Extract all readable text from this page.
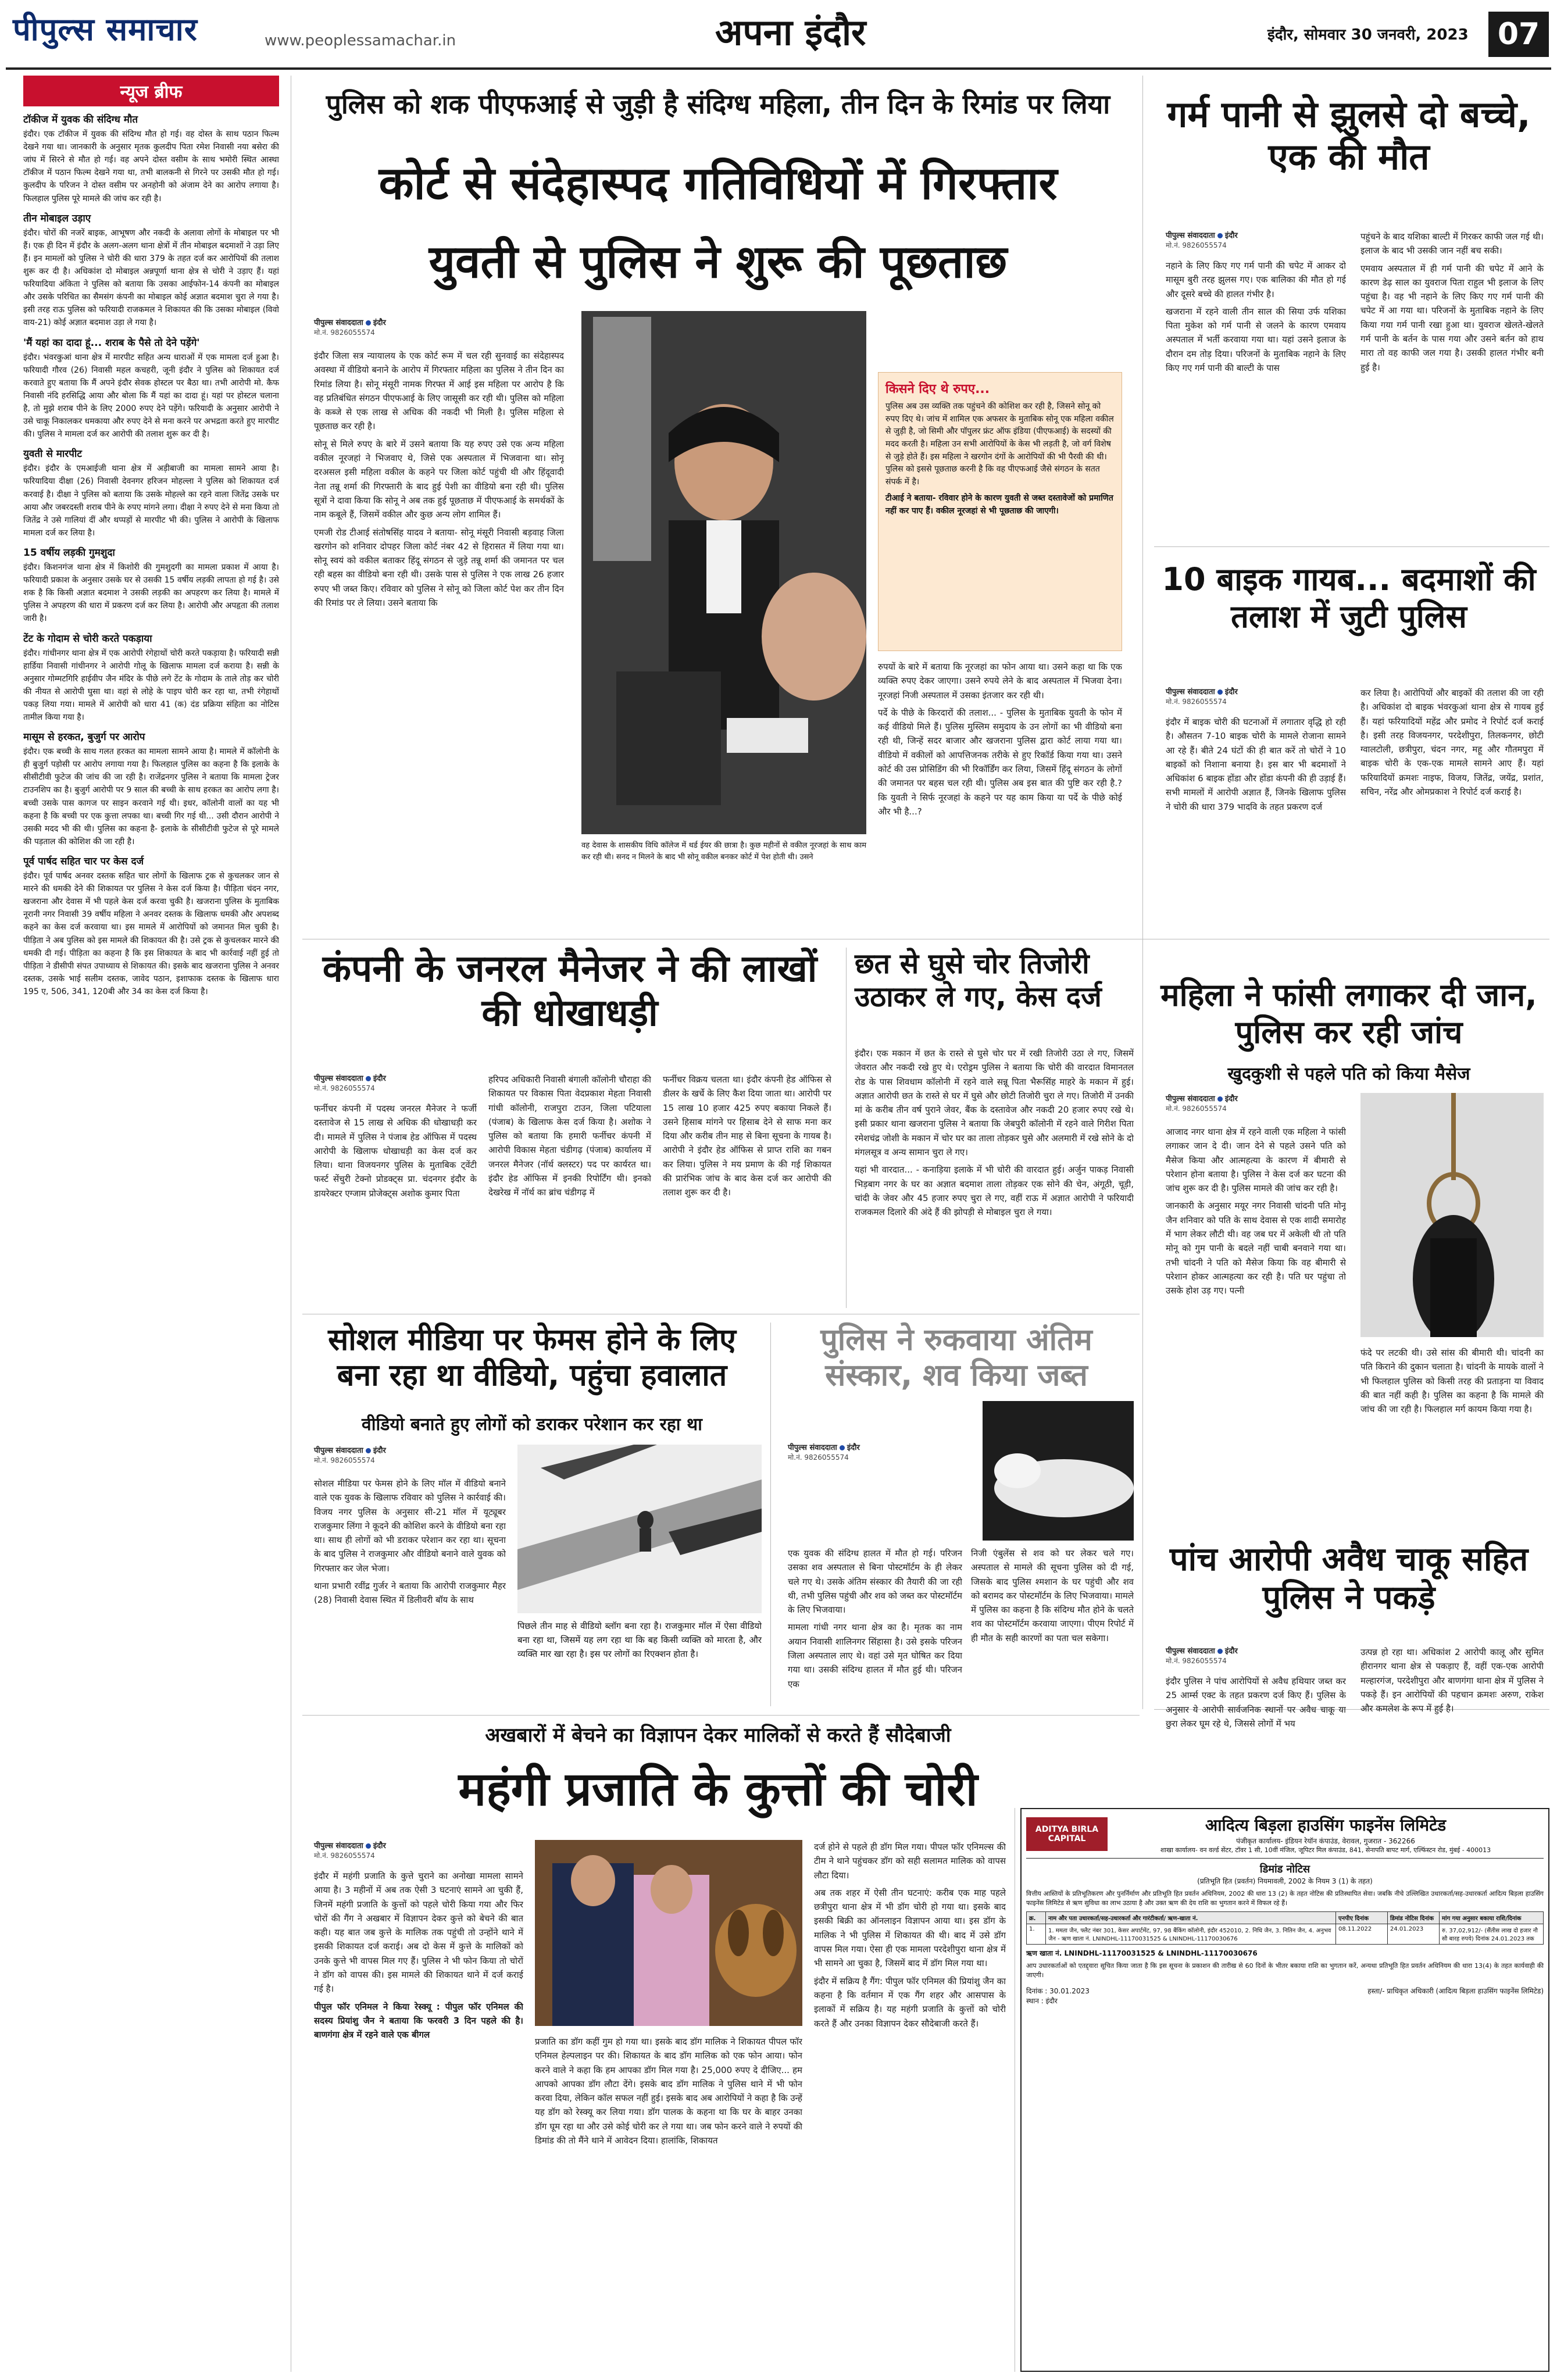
पीपुल्स समाचार	www.peoplessamachar.in	अपना इंदौर	इंदौर, सोमवार 30 जनवरी, 2023 07
न्यूज ब्रीफ
टॉकीज में युवक की संदिग्ध मौत
इंदौर। एक टॉकीज में युवक की संदिग्ध मौत हो गई। वह दोस्त के साथ पठान फिल्म देखने गया था। जानकारी के अनुसार मृतक कुलदीप पिता रमेश निवासी नया बसेरा की जांघ में सिरने से मौत हो गई। वह अपने दोस्त वसीम के साथ भमोरी स्थित आस्था टॉकीज में पठान फिल्म देखने गया था, तभी बालकनी से गिरने पर उसकी मौत हो गई। कुलदीप के परिजन ने दोस्त वसीम पर अनहोनी को अंजाम देने का आरोप लगाया है। फिलहाल पुलिस पूरे मामले की जांच कर रही है।
तीन मोबाइल उड़ाए
इंदौर। चोरों की नजरें बाइक, आभूषण और नकदी के अलावा लोगों के मोबाइल पर भी हैं। एक ही दिन में इंदौर के अलग-अलग थाना क्षेत्रों में तीन मोबाइल बदमाशों ने उड़ा लिए हैं। इन मामलों को पुलिस ने चोरी की धारा 379 के तहत दर्ज कर आरोपियों की तलाश शुरू कर दी है। अधिकांश दो मोबाइल अन्नपूर्णा थाना क्षेत्र से चोरी ने उड़ाए हैं। यहां फरियादिया अंकिता ने पुलिस को बताया कि उसका आईफोन-14 कंपनी का मोबाइल और उसके परिचित का सैमसंग कंपनी का मोबाइल कोई अज्ञात बदमाश चुरा ले गया है। इसी तरह राऊ पुलिस को फरियादी राजकमल ने शिकायत की कि उसका मोबाइल (विवो वाय-21) कोई अज्ञात बदमाश उड़ा ले गया है।
'मैं यहां का दादा हूं... शराब के पैसे तो देने पड़ेंगे'
इंदौर। भंवरकुआं थाना क्षेत्र में मारपीट सहित अन्य धाराओं में एक मामला दर्ज हुआ है। फरियादी गौरव (26) निवासी महल कचहरी, जूनी इंदौर ने पुलिस को शिकायत दर्ज करवाते हुए बताया कि मैं अपने इंदौर सेवक होस्टल पर बैठा था। तभी आरोपी मो. कैफ निवासी नंदि हरसिद्धि आया और बोला कि मैं यहां का दादा हूं। यहां पर होस्टल चलाना है, तो मुझे शराब पीने के लिए 2000 रुपए देने पड़ेंगे। फरियादी के अनुसार आरोपी ने उसे चाकू निकालकर धमकाया और रुपए देने से मना करने पर अभद्रता करते हुए मारपीट की। पुलिस ने मामला दर्ज कर आरोपी की तलाश शुरू कर दी है।
युवती से मारपीट
इंदौर। इंदौर के एमआईजी थाना क्षेत्र में अड़ीबाजी का मामला सामने आया है। फरियादिया दीक्षा (26) निवासी देवनगर हरिजन मोहल्ला ने पुलिस को शिकायत दर्ज करवाई है। दीक्षा ने पुलिस को बताया कि उसके मोहल्ले का रहने वाला जितेंद्र उसके घर आया और जबरदस्ती शराब पीने के रुपए मांगने लगा। दीक्षा ने रुपए देने से मना किया तो जितेंद्र ने उसे गालियां दीं और थप्पड़ों से मारपीट भी की। पुलिस ने आरोपी के खिलाफ मामला दर्ज कर लिया है।
15 वर्षीय लड़की गुमशुदा
इंदौर। किशनगंज थाना क्षेत्र में किशोरी की गुमशुदगी का मामला प्रकाश में आया है। फरियादी प्रकाश के अनुसार उसके घर से उसकी 15 वर्षीय लड़की लापता हो गई है। उसे शक है कि किसी अज्ञात बदमाश ने उसकी लड़की का अपहरण कर लिया है। मामले में पुलिस ने अपहरण की धारा में प्रकरण दर्ज कर लिया है। आरोपी और अपहृता की तलाश जारी है।
टेंट के गोदाम से चोरी करते पकड़ाया
इंदौर। गांधीनगर थाना क्षेत्र में एक आरोपी रंगेहाथों चोरी करते पकड़ाया है। फरियादी सन्नी हार्डिया निवासी गांधीनगर ने आरोपी गोलू के खिलाफ मामला दर्ज कराया है। सन्नी के अनुसार गोम्मटगिरि हाईवीप जैन मंदिर के पीछे लगे टेंट के गोदाम के ताले तोड़ कर चोरी की नीयत से आरोपी घुसा था। वहां से लोहे के पाइप चोरी कर रहा था, तभी रंगेहाथों पकड़ लिया गया। मामले में आरोपी को धारा 41 (क) दंड प्रक्रिया संहिता का नोटिस तामील किया गया है।
मासूम से हरकत, बुजुर्ग पर आरोप
इंदौर। एक बच्ची के साथ गलत हरकत का मामला सामने आया है। मामले में कॉलोनी के ही बुजुर्ग पड़ोसी पर आरोप लगाया गया है। फिलहाल पुलिस का कहना है कि इलाके के सीसीटीवी फुटेज की जांच की जा रही है। राजेंद्रनगर पुलिस ने बताया कि मामला ट्रेजर टाउनशिप का है। बुजुर्ग आरोपी पर 9 साल की बच्ची के साथ हरकत का आरोप लगा है। बच्ची उसके पास कागज पर साइन करवाने गई थी। इधर, कॉलोनी वालों का यह भी कहना है कि बच्ची पर एक कुत्ता लपका था। बच्ची गिर गई थी... उसी दौरान आरोपी ने उसकी मदद भी की थी। पुलिस का कहना है- इलाके के सीसीटीवी फुटेज से पूरे मामले की पड़ताल की कोशिश की जा रही है।
पूर्व पार्षद सहित चार पर केस दर्ज
इंदौर। पूर्व पार्षद अनवर दस्तक सहित चार लोगों के खिलाफ ट्रक से कुचलकर जान से मारने की धमकी देने की शिकायत पर पुलिस ने केस दर्ज किया है। पीड़िता चंदन नगर, खजराना और देवास में भी पहले केस दर्ज करवा चुकी है। खजराना पुलिस के मुताबिक नूरानी नगर निवासी 39 वर्षीय महिला ने अनवर दस्तक के खिलाफ धमकी और अपशब्द कहने का केस दर्ज करवाया था। इस मामले में आरोपियों को जमानत मिल चुकी है। पीड़िता ने अब पुलिस को इस मामले की शिकायत की है। उसे ट्रक से कुचलकर मारने की धमकी दी गई। पीड़िता का कहना है कि इस शिकायत के बाद भी कार्रवाई नहीं हुई तो पीड़िता ने डीसीपी संपत उपाध्याय से शिकायत की। इसके बाद खजराना पुलिस ने अनवर दस्तक, उसके भाई सलीम दस्तक, जावेद पठान, इशाफाक दस्तक के खिलाफ धारा 195 ए, 506, 341, 120बी और 34 का केस दर्ज किया है।
पुलिस को शक पीएफआई से जुड़ी है संदिग्ध महिला, तीन दिन के रिमांड पर लिया
कोर्ट से संदेहास्पद गतिविधियों में गिरफ्तार
युवती से पुलिस ने शुरू की पूछताछ
पीपुल्स संवाददाता इंदौर
मो.नं. 9826055574

इंदौर जिला सत्र न्यायालय के एक कोर्ट रूम में चल रही सुनवाई का संदेहास्पद अवस्था में वीडियो बनाने के आरोप में गिरफ्तार महिला का पुलिस ने तीन दिन का रिमांड लिया है। सोनू मंसूरी नामक गिरफ्त में आई इस महिला पर आरोप है कि वह प्रतिबंधित संगठन पीएफआई के लिए जासूसी कर रही थी। पुलिस को महिला के कब्जे से एक लाख से अधिक की नकदी भी मिली है। पुलिस महिला से पूछताछ कर रही है।

सोनू से मिले रुपए के बारे में उसने बताया कि यह रुपए उसे एक अन्य महिला वकील नूरजहां ने भिजवाए थे, जिसे एक अस्पताल में भिजवाना था। सोनू दरअसल इसी महिला वकील के कहने पर जिला कोर्ट पहुंची थी और हिंदूवादी नेता तन्नू शर्मा की गिरफ्तारी के बाद हुई पेशी का वीडियो बना रही थी। पुलिस सूत्रों ने दावा किया कि सोनू ने अब तक हुई पूछताछ में पीएफआई के समर्थकों के नाम कबूले हैं, जिसमें वकील और कुछ अन्य लोग शामिल हैं।

एमजी रोड टीआई संतोषसिंह यादव ने बताया- सोनू मंसूरी निवासी बड़वाह जिला खरगोन को शनिवार दोपहर जिला कोर्ट नंबर 42 से हिरासत में लिया गया था। सोनू स्वयं को वकील बताकर हिंदू संगठन से जुड़े तन्नू शर्मा की जमानत पर चल रही बहस का वीडियो बना रही थी। उसके पास से पुलिस ने एक लाख 26 हजार रुपए भी जब्त किए। रविवार को पुलिस ने सोनू को जिला कोर्ट पेश कर तीन दिन की रिमांड पर ले लिया। उसने बताया कि

वह देवास के शासकीय विधि कॉलेज में थर्ड ईयर की छात्रा है। कुछ महीनों से वकील नूरजहां के साथ काम कर रही थी। सनद न मिलने के बाद भी सोनू वकील बनकर कोर्ट में पेश होती थी। उसने
किसने दिए थे रुपए...
पुलिस अब उस व्यक्ति तक पहुंचने की कोशिश कर रही है, जिसने सोनू को रुपए दिए थे। जांच में शामिल एक अफसर के मुताबिक सोनू एक महिला वकील से जुड़ी है, जो सिमी और पॉपुलर फ्रंट ऑफ इंडिया (पीएफआई) के सदस्यों की मदद करती है। महिला उन सभी आरोपियों के केस भी लड़ती है, जो वर्ग विशेष से जुड़े होते हैं। इस महिला ने खरगोन दंगों के आरोपियों की भी पैरवी की थी। पुलिस को इससे पूछताछ करनी है कि वह पीएफआई जैसे संगठन के सतत संपर्क में है।
टीआई ने बताया- रविवार होने के कारण युवती से जब्त दस्तावेजों को प्रमाणित नहीं कर पाए हैं। वकील नूरजहां से भी पूछताछ की जाएगी।

रुपयों के बारे में बताया कि नूरजहां का फोन आया था। उसने कहा था कि एक व्यक्ति रुपए देकर जाएगा। उसने रुपये लेने के बाद अस्पताल में भिजवा देना। नूरजहां निजी अस्पताल में उसका इंतजार कर रही थी।

पर्दे के पीछे के किरदारों की तलाश... - पुलिस के मुताबिक युवती के फोन में कई वीडियो मिले हैं। पुलिस मुस्लिम समुदाय के उन लोगों का भी वीडियो बना रही थी, जिन्हें सदर बाजार और खजराना पुलिस द्वारा कोर्ट लाया गया था। वीडियो में वकीलों को आपत्तिजनक तरीके से हुए रिकॉर्ड किया गया था। उसने कोर्ट की उस प्रोसिडिंग की भी रिकॉर्डिंग कर लिया, जिसमें हिंदू संगठन के लोगों की जमानत पर बहस चल रही थी। पुलिस अब इस बात की पुष्टि कर रही है.? कि युवती ने सिर्फ नूरजहां के कहने पर यह काम किया या पर्दे के पीछे कोई और भी है...?

गर्म पानी से झुलसे दो बच्चे, एक की मौत
पीपुल्स संवाददाता इंदौर
मो.नं. 9826055574

नहाने के लिए किए गए गर्म पानी की चपेट में आकर दो मासूम बुरी तरह झुलस गए। एक बालिका की मौत हो गई और दूसरे बच्चे की हालत गंभीर है।

खजराना में रहने वाली तीन साल की सिया उर्फ यशिका पिता मुकेश को गर्म पानी से जलने के कारण एमवाय अस्पताल में भर्ती करवाया गया था। यहां उसने इलाज के दौरान दम तोड़ दिया। परिजनों के मुताबिक नहाने के लिए किए गए गर्म पानी की बाल्टी के पास

पहुंचने के बाद यशिका बाल्टी में गिरकर काफी जल गई थी। इलाज के बाद भी उसकी जान नहीं बच सकी।

एमवाय अस्पताल में ही गर्म पानी की चपेट में आने के कारण डेढ़ साल का युवराज पिता राहुल भी इलाज के लिए पहुंचा है। वह भी नहाने के लिए किए गए गर्म पानी की चपेट में आ गया था। परिजनों के मुताबिक नहाने के लिए किया गया गर्म पानी रखा हुआ था। युवराज खेलते-खेलते गर्म पानी के बर्तन के पास गया और उसने बर्तन को हाथ मारा तो वह काफी जल गया है। उसकी हालत गंभीर बनी हुई है।

10 बाइक गायब... बदमाशों की तलाश में जुटी पुलिस
पीपुल्स संवाददाता इंदौर
मो.नं. 9826055574

इंदौर में बाइक चोरी की घटनाओं में लगातार वृद्धि हो रही है। औसतन 7-10 बाइक चोरी के मामले रोजाना सामने आ रहे हैं। बीते 24 घंटों की ही बात करें तो चोरों ने 10 बाइकों को निशाना बनाया है। इस बार भी बदमाशों ने अधिकांश 6 बाइक होंडा और होंडा कंपनी की ही उड़ाई हैं। सभी मामलों में आरोपी अज्ञात हैं, जिनके खिलाफ पुलिस ने चोरी की धारा 379 भादवि के तहत प्रकरण दर्ज

कर लिया है। आरोपियों और बाइकों की तलाश की जा रही है। अधिकांश दो बाइक भंवरकुआं थाना क्षेत्र से गायब हुई हैं। यहां फरियादियों महेंद्र और प्रमोद ने रिपोर्ट दर्ज कराई है। इसी तरह विजयनगर, परदेशीपुरा, तिलकनगर, छोटी ग्वालटोली, छत्रीपुरा, चंदन नगर, महू और गौतमपुरा में बाइक चोरी के एक-एक मामले सामने आए हैं। यहां फरियादियों क्रमशः नाइफ, विजय, जितेंद्र, जयेंद्र, प्रशांत, सचिन, नरेंद्र और ओमप्रकाश ने रिपोर्ट दर्ज कराई है।

कंपनी के जनरल मैनेजर ने की लाखों की धोखाधड़ी
पीपुल्स संवाददाता इंदौर
मो.नं. 9826055574

फर्नीचर कंपनी में पदस्थ जनरल मैनेजर ने फर्जी दस्तावेज से 15 लाख से अधिक की धोखाधड़ी कर दी। मामले में पुलिस ने पंजाब हेड ऑफिस में पदस्थ आरोपी के खिलाफ धोखाधड़ी का केस दर्ज कर लिया। थाना विजयनगर पुलिस के मुताबिक ट्वेंटी फर्स्ट सेंचुरी टेक्नो प्रोडक्ट्स प्रा. चंदनगर इंदौर के डायरेक्टर एग्जाम प्रोजेक्ट्स अशोक कुमार पिता

हरिपद अधिकारी निवासी बंगाली कॉलोनी चौराहा की शिकायत पर विकास पिता वेदप्रकाश मेहता निवासी गांधी कॉलोनी, राजपुरा टाउन, जिला पटियाला (पंजाब) के खिलाफ केस दर्ज किया है। अशोक ने पुलिस को बताया कि हमारी फर्नीचर कंपनी में आरोपी विकास मेहता चंडीगढ़ (पंजाब) कार्यालय में जनरल मैनेजर (नॉर्थ क्लस्टर) पद पर कार्यरत था। इंदौर हेड ऑफिस में इनकी रिपोर्टिंग थी। इनको देखरेख में नॉर्थ का ब्रांच चंडीगढ़ में

फर्नीचर विक्रय चलता था। इंदौर कंपनी हेड ऑफिस से डीलर के खर्चे के लिए कैश दिया जाता था। आरोपी पर 15 लाख 10 हजार 425 रुपए बकाया निकले हैं। उसने हिसाब मांगने पर हिसाब देने से साफ मना कर दिया और करीब तीन माह से बिना सूचना के गायब है। आरोपी ने इंदौर हेड ऑफिस से प्राप्त राशि का गबन कर लिया। पुलिस ने मय प्रमाण के की गई शिकायत की प्रारंभिक जांच के बाद केस दर्ज कर आरोपी की तलाश शुरू कर दी है।

छत से घुसे चोर तिजोरी उठाकर ले गए, केस दर्ज

इंदौर। एक मकान में छत के रास्ते से घुसे चोर घर में रखी तिजोरी उठा ले गए, जिसमें जेवरात और नकदी रखे हुए थे। एरोड्रम पुलिस ने बताया कि चोरी की वारदात विमानतल रोड के पास शिवधाम कॉलोनी में रहने वाले सन्नू पिता भैरूसिंह माहरे के मकान में हुई। अज्ञात आरोपी छत के रास्ते से घर में घुसे और छोटी तिजोरी चुरा ले गए। तिजोरी में उनकी मां के करीब तीन वर्ष पुराने जेवर, बैंक के दस्तावेज और नकदी 20 हजार रुपए रखे थे। इसी प्रकार थाना खजराना पुलिस ने बताया कि जेबपुरी कॉलोनी में रहने वाले गिरीश पिता रमेशचंद्र जोशी के मकान में चोर घर का ताला तोड़कर घुसे और अलमारी में रखे सोने के दो मंगलसूत्र व अन्य सामान चुरा ले गए।

यहां भी वारदात... - कनाड़िया इलाके में भी चोरी की वारदात हुई। अर्जुन पाकड़ निवासी भिड़बाग नगर के घर का अज्ञात बदमाश ताला तोड़कर एक सोने की चेन, अंगूठी, चूड़ी, चांदी के जेवर और 45 हजार रुपए चुरा ले गए, वहीं राऊ में अज्ञात आरोपी ने फरियादी राजकमल दिलारे की अंदे हैं की झोपड़ी से मोबाइल चुरा ले गया।

महिला ने फांसी लगाकर दी जान, पुलिस कर रही जांच
खुदकुशी से पहले पति को किया मैसेज
पीपुल्स संवाददाता इंदौर
मो.नं. 9826055574

आजाद नगर थाना क्षेत्र में रहने वाली एक महिला ने फांसी लगाकर जान दे दी। जान देने से पहले उसने पति को मैसेज किया और आत्महत्या के कारण में बीमारी से परेशान होना बताया है। पुलिस ने केस दर्ज कर घटना की जांच शुरू कर दी है। पुलिस मामले की जांच कर रही है।

जानकारी के अनुसार मयूर नगर निवासी चांदनी पति मोनू जैन शनिवार को पति के साथ देवास से एक शादी समारोह में भाग लेकर लौटी थी। वह जब घर में अकेली थी तो पति मोनू को गुम पानी के बदले नहीं चाबी बनवाने गया था। तभी चांदनी ने पति को मैसेज किया कि वह बीमारी से परेशान होकर आत्महत्या कर रही है। पति घर पहुंचा तो उसके होश उड़ गए। पत्नी

फंदे पर लटकी थी। उसे सांस की बीमारी थी। चांदनी का पति किराने की दुकान चलाता है। चांदनी के मायके वालों ने भी फिलहाल पुलिस को किसी तरह की प्रताड़ना या विवाद की बात नहीं कही है। पुलिस का कहना है कि मामले की जांच की जा रही है। फिलहाल मर्ग कायम किया गया है।

सोशल मीडिया पर फेमस होने के लिए बना रहा था वीडियो, पहुंचा हवालात
वीडियो बनाते हुए लोगों को डराकर परेशान कर रहा था
पीपुल्स संवाददाता इंदौर
मो.नं. 9826055574

सोशल मीडिया पर फेमस होने के लिए मॉल में वीडियो बनाने वाले एक युवक के खिलाफ रविवार को पुलिस ने कार्रवाई की। विजय नगर पुलिस के अनुसार सी-21 मॉल में यूट्यूबर राजकुमार लिंगा ने कूदने की कोशिश करने के वीडियो बना रहा था। साथ ही लोगों को भी डराकर परेशान कर रहा था। सूचना के बाद पुलिस ने राजकुमार और वीडियो बनाने वाले युवक को गिरफ्तार कर जेल भेजा।

थाना प्रभारी रवींद्र गुर्जर ने बताया कि आरोपी राजकुमार मैहर (28) निवासी देवास स्थित में डिलीवरी बॉय के साथ

पिछले तीन माह से वीडियो ब्लॉग बना रहा है। राजकुमार मॉल में ऐसा वीडियो बना रहा था, जिसमें यह लग रहा था कि बह किसी व्यक्ति को मारता है, और व्यक्ति मार खा रहा है। इस पर लोगों का रिएक्शन होता है।
पुलिस ने रुकवाया अंतिम संस्कार, शव किया जब्त
पीपुल्स संवाददाता इंदौर
मो.नं. 9826055574

एक युवक की संदिग्ध हालत में मौत हो गई। परिजन उसका शव अस्पताल से बिना पोस्टमॉर्टम के ही लेकर चले गए थे। उसके अंतिम संस्कार की तैयारी की जा रही थी, तभी पुलिस पहुंची और शव को जब्त कर पोस्टमॉर्टम के लिए भिजवाया।

मामला गांधी नगर थाना क्षेत्र का है। मृतक का नाम अयान निवासी शालिनगर सिंहासा है। उसे इसके परिजन जिला अस्पताल लाए थे। वहां उसे मृत घोषित कर दिया गया था। उसकी संदिग्ध हालत में मौत हुई थी। परिजन एक

निजी एंबुलेंस से शव को घर लेकर चले गए। अस्पताल से मामले की सूचना पुलिस को दी गई, जिसके बाद पुलिस श्मशान के घर पहुंची और शव को बरामद कर पोस्टमॉर्टम के लिए भिजवाया। मामले में पुलिस का कहना है कि संदिग्ध मौत होने के चलते शव का पोस्टमॉर्टम करवाया जाएगा। पीएम रिपोर्ट में ही मौत के सही कारणों का पता चल सकेगा।

पांच आरोपी अवैध चाकू सहित पुलिस ने पकड़े
पीपुल्स संवाददाता इंदौर
मो.नं. 9826055574

इंदौर पुलिस ने पांच आरोपियों से अवैध हथियार जब्त कर 25 आर्म्स एक्ट के तहत प्रकरण दर्ज किए हैं। पुलिस के अनुसार ये आरोपी सार्वजनिक स्थानों पर अवैध चाकू या छुरा लेकर घूम रहे थे, जिससे लोगों में भय

उत्पन्न हो रहा था। अधिकांश 2 आरोपी कालू और सुमित हीरानगर थाना क्षेत्र से पकड़ाए हैं, वहीं एक-एक आरोपी मल्हारगंज, परदेशीपुरा और बाणगंगा थाना क्षेत्र में पुलिस ने पकड़े हैं। इन आरोपियों की पहचान क्रमशः अरुण, राकेश और कमलेश के रूप में हुई है।

अखबारों में बेचने का विज्ञापन देकर मालिकों से करते हैं सौदेबाजी
महंगी प्रजाति के कुत्तों की चोरी
पीपुल्स संवाददाता इंदौर
मो.नं. 9826055574

इंदौर में महंगी प्रजाति के कुत्ते चुराने का अनोखा मामला सामने आया है। 3 महीनों में अब तक ऐसी 3 घटनाएं सामने आ चुकी हैं, जिनमें महंगी प्रजाति के कुत्तों को पहले चोरी किया गया और फिर चोरों की गैंग ने अखबार में विज्ञापन देकर कुत्ते को बेचने की बात कही। यह बात जब कुत्ते के मालिक तक पहुंची तो उन्होंने थाने में इसकी शिकायत दर्ज कराई। अब दो केस में कुत्ते के मालिकों को उनके कुत्ते भी वापस मिल गए हैं। पुलिस ने भी फोन किया तो चोरों ने डॉग को वापस की। इस मामले की शिकायत थाने में दर्ज कराई गई है।

पीपुल फॉर एनिमल ने किया रेस्क्यू : पीपुल फॉर एनिमल की सदस्य प्रियांशु जैन ने बताया कि फरवरी 3 दिन पहले की है। बाणगंगा क्षेत्र में रहने वाले एक बीगल

प्रजाति का डॉग कहीं गुम हो गया था। इसके बाद डॉग मालिक ने शिकायत पीपल फॉर एनिमल हेल्पलाइन पर की। शिकायत के बाद डॉग मालिक को एक फोन आया। फोन करने वाले ने कहा कि हम आपका डॉग मिल गया है। 25,000 रुपए दे दीजिए... हम आपको आपका डॉग लौटा देंगे। इसके बाद डॉग मालिक ने पुलिस थाने में भी फोन करवा दिया, लेकिन कॉल सफल नहीं हुई। इसके बाद अब आरोपियों ने कहा है कि उन्हें यह डॉग को रेस्क्यू कर लिया गया। डॉग पालक के कहना था कि घर के बाहर उनका डॉग घूम रहा था और उसे कोई चोरी कर ले गया था। जब फोन करने वाले ने रुपयों की डिमांड की तो मैंने थाने में आवेदन दिया। हालांकि, शिकायत

दर्ज होने से पहले ही डॉग मिल गया। पीपल फॉर एनिमल्स की टीम ने थाने पहुंचकर डॉग को सही सलामत मालिक को वापस लौटा दिया।

अब तक शहर में ऐसी तीन घटनाएं: करीब एक माह पहले छत्रीपुरा थाना क्षेत्र में भी डॉग चोरी हो गया था। इसके बाद इसकी बिक्री का ऑनलाइन विज्ञापन आया था। इस डॉग के मालिक ने भी पुलिस में शिकायत की थी। बाद में उसे डॉग वापस मिल गया। ऐसा ही एक मामला परदेशीपुरा थाना क्षेत्र में भी सामने आ चुका है, जिसमें बाद में डॉग मिल गया था।

इंदौर में सक्रिय है गैंग: पीपुल फॉर एनिमल की प्रियांशु जैन का कहना है कि वर्तमान में एक गैंग शहर और आसपास के इलाकों में सक्रिय है। यह महंगी प्रजाति के कुत्तों को चोरी करते हैं और उनका विज्ञापन देकर सौदेबाजी करते हैं।

ADITYA BIRLA CAPITAL
आदित्य बिड़ला हाउसिंग फाइनेंस लिमिटेड
पंजीकृत कार्यालय- इंडियन रेयॉन कंपाउंड, वेरावल, गुजरात - 362266
शाखा कार्यालय- वन वर्ल्ड सेंटर, टॉवर 1 सी, 10वीं मंजिल, जूपिटर मिल कंपाउंड, 841, सेनापति बापट मार्ग, एल्फिंस्टन रोड, मुंबई - 400013
डिमांड नोटिस
(प्रतिभूति हित (प्रवर्तन) नियमावली, 2002 के नियम 3 (1) के तहत)
वित्तीय आस्तियों के प्रतिभूतिकरण और पुनर्निर्माण और प्रतिभूति हित प्रवर्तन अधिनियम, 2002 की धारा 13 (2) के तहत नोटिस की प्रतिस्थापित सेवा। जबकि नीचे उल्लिखित उधारकर्ता/सह-उधारकर्ता आदित्य बिड़ला हाउसिंग फाइनेंस लिमिटेड से ऋण सुविधा का लाभ उठाया है और उक्त ऋण की देय राशि का भुगतान करने में विफल रहे हैं।
क्र.	नाम और पता उधारकर्ता/सह-उधारकर्ता और गारंटीकर्ता/ ऋण-खाता नं.	एनपीए दिनांक	डिमांड नोटिस दिनांक	मांग गया अनुसार बकाया राशि/दिनांक
1.	1. ममता जैन, फ्लैट नंबर 301, केसर अपार्टमेंट, 97, 98 बैंकिंग कॉलोनी, इंदौर 452010, 2. निधि जैन, 3. नितिन जैन, 4. अनुभव जैन - ऋण खाता नं. LNINDHL-11170031525 & LNINDHL-11170030676	08.11.2022	24.01.2023	रु. 37,02,912/- (सैंतीस लाख दो हजार नौ सौ बारह रुपये) दिनांक 24.01.2023 तक
ऋण खाता नं. LNINDHL-11170031525 & LNINDHL-11170030676
आप उधारकर्ताओं को एतद्द्वारा सूचित किया जाता है कि इस सूचना के प्रकाशन की तारीख से 60 दिनों के भीतर बकाया राशि का भुगतान करें, अन्यथा प्रतिभूति हित प्रवर्तन अधिनियम की धारा 13(4) के तहत कार्यवाही की जाएगी।
दिनांक : 30.01.2023
स्थान : इंदौर
हस्ता/- प्राधिकृत अधिकारी (आदित्य बिड़ला हाउसिंग फाइनेंस लिमिटेड)
